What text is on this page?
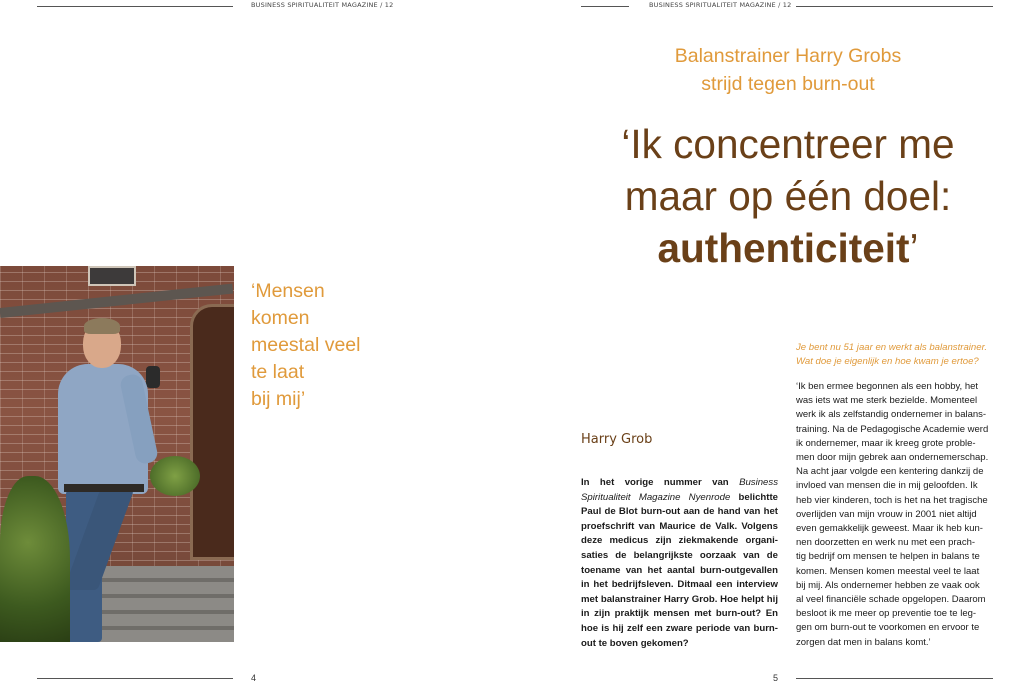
BUSINESS SPIRITUALITEIT MAGAZINE / 12	BUSINESS SPIRITUALITEIT MAGAZINE / 12
‘Mensen
komen
meestal veel
te laat
bij mij’
Balanstrainer Harry Grobs
strijd tegen burn-out
‘Ik concentreer me
maar op één doel:
authenticiteit’
Harry Grob
In het vorige nummer van Business Spiritualiteit Magazine Nyenrode belichtte Paul de Blot burn-out aan de hand van het proefschrift van Maurice de Valk. Volgens deze medicus zijn ziekmakende organisaties de belangrijkste oorzaak van de toename van het aantal burn-outgevallen in het bedrijfsleven. Ditmaal een interview met balanstrainer Harry Grob. Hoe helpt hij in zijn praktijk mensen met burn-out? En hoe is hij zelf een zware periode van burnout te boven gekomen?
Je bent nu 51 jaar en werkt als balanstrainer.
Wat doe je eigenlijk en hoe kwam je ertoe?
‘Ik ben ermee begonnen als een hobby, het
was iets wat me sterk bezielde. Momenteel
werk ik als zelfstandig ondernemer in balans-
training. Na de Pedagogische Academie werd
ik ondernemer, maar ik kreeg grote proble-
men door mijn gebrek aan ondernemerschap.
Na acht jaar volgde een kentering dankzij de
invloed van mensen die in mij geloofden. Ik
heb vier kinderen, toch is het na het tragische
overlijden van mijn vrouw in 2001 niet altijd
even gemakkelijk geweest. Maar ik heb kun-
nen doorzetten en werk nu met een prach-
tig bedrijf om mensen te helpen in balans te
komen. Mensen komen meestal veel te laat
bij mij. Als ondernemer hebben ze vaak ook
al veel financiële schade opgelopen. Daarom
besloot ik me meer op preventie toe te leg-
gen om burn-out te voorkomen en ervoor te
zorgen dat men in balans komt.’
4	5
